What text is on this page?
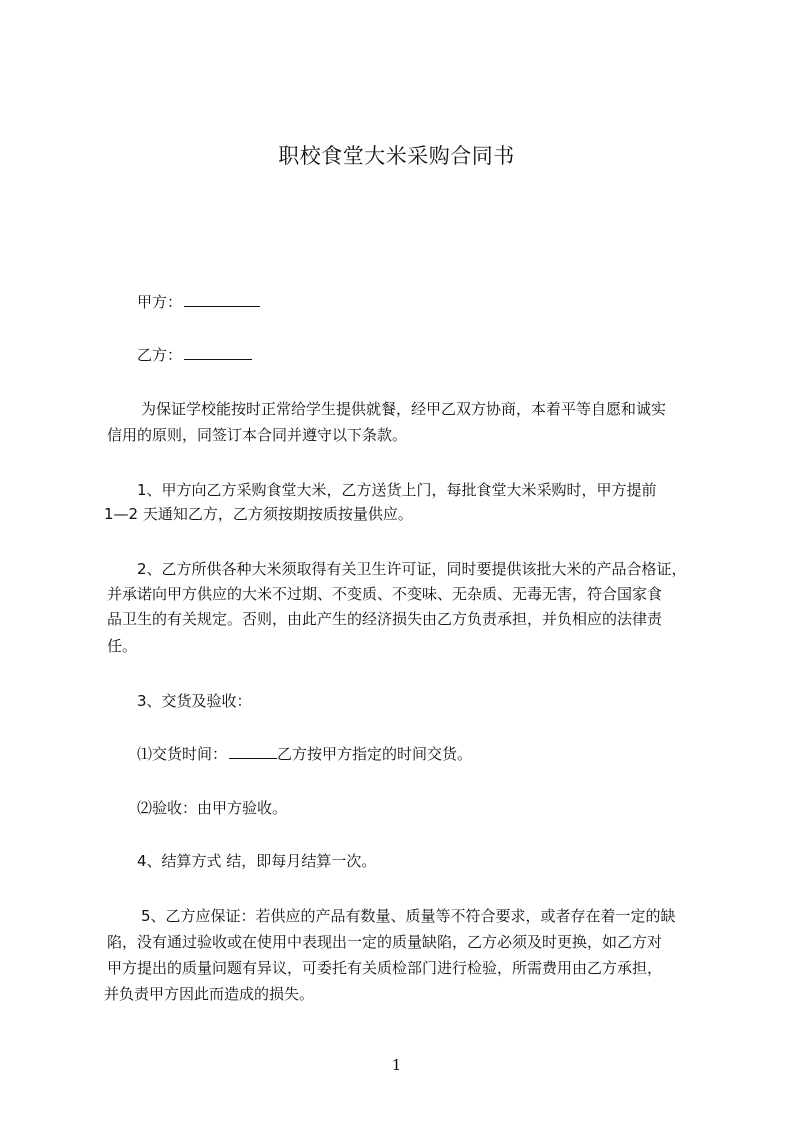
职校食堂大米采购合同书
甲方：
乙方：
为保证学校能按时正常给学生提供就餐，经甲乙双方协商，本着平等自愿和诚实
信用的原则，同签订本合同并遵守以下条款。
1、甲方向乙方采购食堂大米，乙方送货上门，每批食堂大米采购时，甲方提前
1—2 天通知乙方，乙方须按期按质按量供应。
2、乙方所供各种大米须取得有关卫生许可证，同时要提供该批大米的产品合格证，
并承诺向甲方供应的大米不过期、不变质、不变味、无杂质、无毒无害，符合国家食
品卫生的有关规定。否则，由此产生的经济损失由乙方负责承担，并负相应的法律责
任。
3、交货及验收：
⑴交货时间：	乙方按甲方指定的时间交货。
⑵验收：由甲方验收。
4、结算方式 结，即每月结算一次。
5、乙方应保证：若供应的产品有数量、质量等不符合要求，或者存在着一定的缺
陷，没有通过验收或在使用中表现出一定的质量缺陷，乙方必须及时更换，如乙方对
甲方提出的质量问题有异议，可委托有关质检部门进行检验，所需费用由乙方承担，
并负责甲方因此而造成的损失。
1
